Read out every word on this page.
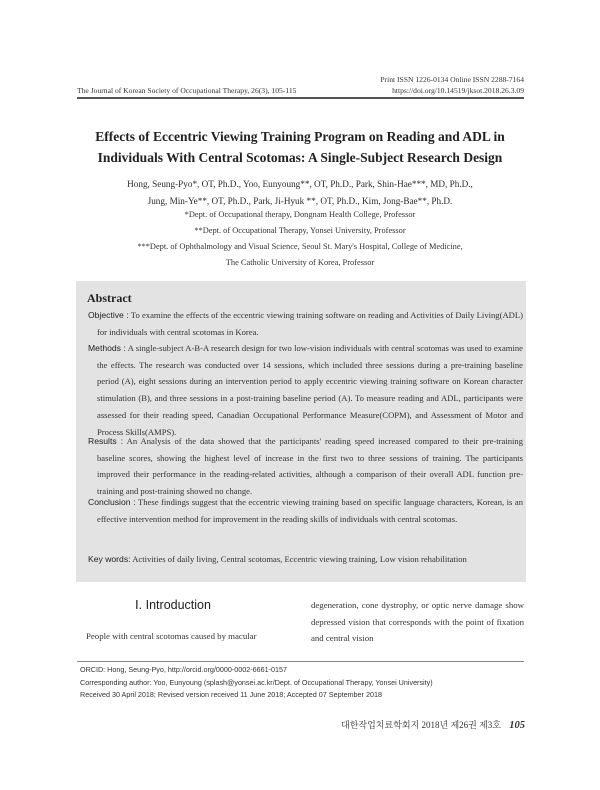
Print ISSN 1226-0134 Online ISSN 2288-7164
The Journal of Korean Society of Occupational Therapy, 26(3), 105-115	https://doi.org/10.14519/jksot.2018.26.3.09
Effects of Eccentric Viewing Training Program on Reading and ADL in
Individuals With Central Scotomas: A Single-Subject Research Design
Hong, Seung-Pyo*, OT, Ph.D., Yoo, Eunyoung**, OT, Ph.D., Park, Shin-Hae***, MD, Ph.D.,
Jung, Min-Ye**, OT, Ph.D., Park, Ji-Hyuk **, OT, Ph.D., Kim, Jong-Bae**, Ph.D.
*Dept. of Occupational therapy, Dongnam Health College, Professor
**Dept. of Occupational Therapy, Yonsei University, Professor
***Dept. of Ophthalmology and Visual Science, Seoul St. Mary's Hospital, College of Medicine,
The Catholic University of Korea, Professor
Abstract
Objective : To examine the effects of the eccentric viewing training software on reading and Activities of Daily Living(ADL) for individuals with central scotomas in Korea.
Methods : A single-subject A-B-A research design for two low-vision individuals with central scotomas was used to examine the effects. The research was conducted over 14 sessions, which included three sessions during a pre-training baseline period (A), eight sessions during an intervention period to apply eccentric viewing training software on Korean character stimulation (B), and three sessions in a post-training baseline period (A). To measure reading and ADL, participants were assessed for their reading speed, Canadian Occupational Performance Measure(COPM), and Assessment of Motor and Process Skills(AMPS).
Results : An Analysis of the data showed that the participants' reading speed increased compared to their pre-training baseline scores, showing the highest level of increase in the first two to three sessions of training. The participants improved their performance in the reading-related activities, although a comparison of their overall ADL function pre-training and post-training showed no change.
Conclusion : These findings suggest that the eccentric viewing training based on specific language characters, Korean, is an effective intervention method for improvement in the reading skills of individuals with central scotomas.
Key words: Activities of daily living, Central scotomas, Eccentric viewing training, Low vision rehabilitation
Ⅰ. Introduction
People with central scotomas caused by macular
degeneration, cone dystrophy, or optic nerve damage show depressed vision that corresponds with the point of fixation and central vision
ORCID: Hong, Seung-Pyo, http://orcid.org/0000-0002-6661-0157
Corresponding author: Yoo, Eunyoung (splash@yonsei.ac.kr/Dept. of Occupational Therapy, Yonsei University)
Received 30 April 2018; Revised version received 11 June 2018; Accepted 07 September 2018
대한작업치료학회지 2018년 제26권 제3호 105
